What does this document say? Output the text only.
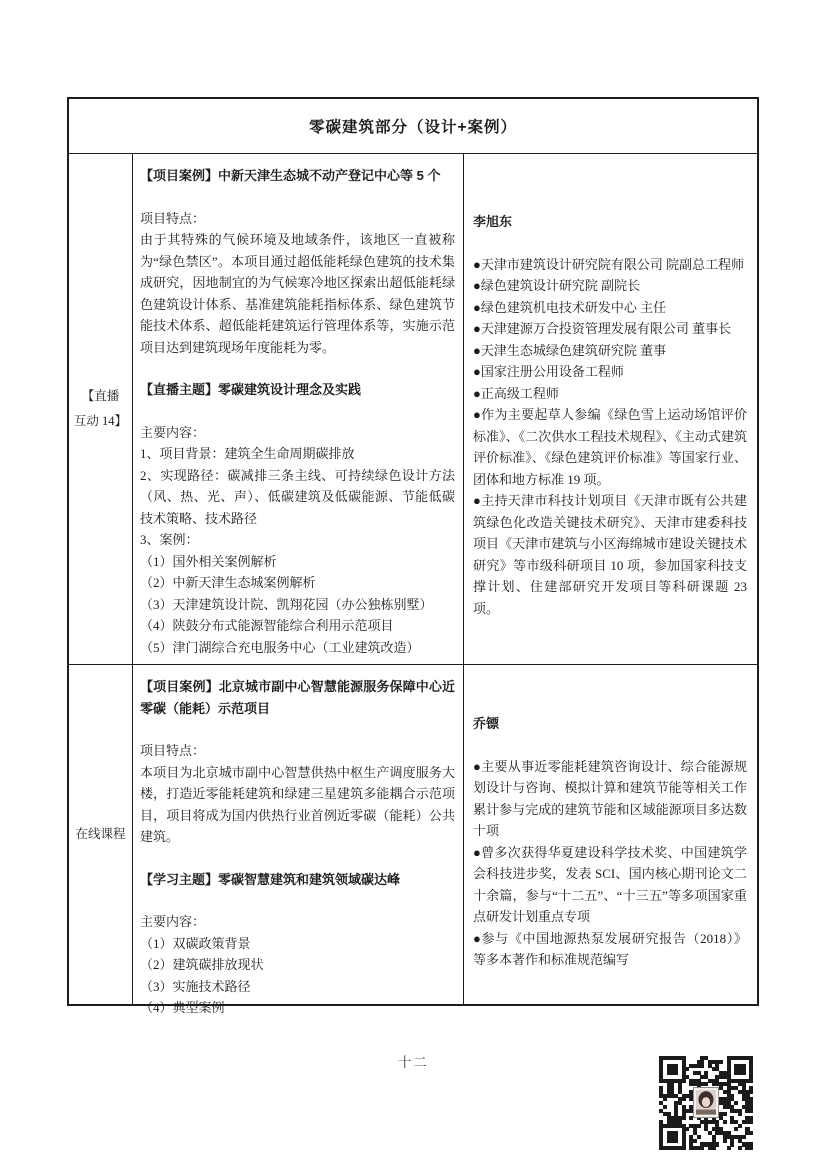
零碳建筑部分（设计+案例）
【直播
互动 14】
【项目案例】中新天津生态城不动产登记中心等 5 个
项目特点：
由于其特殊的气候环境及地域条件，该地区一直被称为“绿色禁区”。本项目通过超低能耗绿色建筑的技术集成研究，因地制宜的为气候寒冷地区探索出超低能耗绿色建筑设计体系、基准建筑能耗指标体系、绿色建筑节能技术体系、超低能耗建筑运行管理体系等，实施示范项目达到建筑现场年度能耗为零。
【直播主题】零碳建筑设计理念及实践
主要内容：
1、项目背景：建筑全生命周期碳排放
2、实现路径：碳减排三条主线、可持续绿色设计方法（风、热、光、声）、低碳建筑及低碳能源、节能低碳技术策略、技术路径
3、案例：
（1）国外相关案例解析
（2）中新天津生态城案例解析
（3）天津建筑设计院、凯翔花园（办公独栋别墅）
（4）陕鼓分布式能源智能综合利用示范项目
（5）津门湖综合充电服务中心（工业建筑改造）
李旭东
●天津市建筑设计研究院有限公司 院副总工程师
●绿色建筑设计研究院 副院长
●绿色建筑机电技术研发中心 主任
●天津建源万合投资管理发展有限公司 董事长
●天津生态城绿色建筑研究院 董事
●国家注册公用设备工程师
●正高级工程师
●作为主要起草人参编《绿色雪上运动场馆评价标准》、《二次供水工程技术规程》、《主动式建筑评价标准》、《绿色建筑评价标准》等国家行业、团体和地方标准 19 项。
●主持天津市科技计划项目《天津市既有公共建筑绿色化改造关键技术研究》、天津市建委科技项目《天津市建筑与小区海绵城市建设关键技术研究》等市级科研项目 10 项，参加国家科技支撑计划、住建部研究开发项目等科研课题 23 项。
在线课程
【项目案例】北京城市副中心智慧能源服务保障中心近零碳（能耗）示范项目
项目特点：
本项目为北京城市副中心智慧供热中枢生产调度服务大楼，打造近零能耗建筑和绿建三星建筑多能耦合示范项目，项目将成为国内供热行业首例近零碳（能耗）公共建筑。
【学习主题】零碳智慧建筑和建筑领域碳达峰
主要内容：
（1）双碳政策背景
（2）建筑碳排放现状
（3）实施技术路径
（4）典型案例
乔镖
●主要从事近零能耗建筑咨询设计、综合能源规划设计与咨询、模拟计算和建筑节能等相关工作累计参与完成的建筑节能和区域能源项目多达数十项
●曾多次获得华夏建设科学技术奖、中国建筑学会科技进步奖，发表 SCI、国内核心期刊论文二十余篇，参与“十二五”、“十三五”等多项国家重点研发计划重点专项
●参与《中国地源热泵发展研究报告（2018）》等多本著作和标准规范编写
十二
